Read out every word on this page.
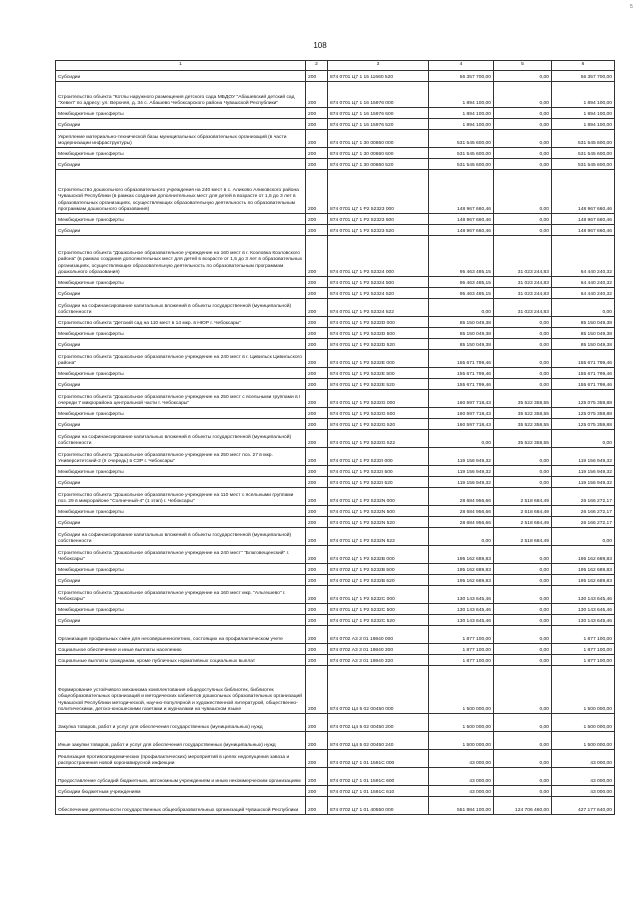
5
108
1	2	3	4	5	6
Субсидии	200	874 0701 Ц7 1 15 11660 520	56 357 700,00	0,00	56 357 700,00
Строительство объекта "Котлы наружного размещения детского сада МБДОУ "Абашевский детский сад "Хевел" по адресу: ул. Верхняя, д. 34 с. Абашево Чебоксарского района Чувашской Республики"	200	874 0701 Ц7 1 16 15976 000	1 894 100,00	0,00	1 894 100,00
Межбюджетные трансферты	200	874 0701 Ц7 1 16 15976 500	1 894 100,00	0,00	1 894 100,00
Субсидии	200	874 0701 Ц7 1 16 15976 520	1 894 100,00	0,00	1 894 100,00
Укрепление материально-технической базы муниципальных образовательных организаций (в части модернизации инфраструктуры)	200	874 0701 Ц7 1 30 00860 000	531 545 600,00	0,00	531 545 600,00
Межбюджетные трансферты	200	874 0701 Ц7 1 30 00860 500	531 545 600,00	0,00	531 545 600,00
Субсидии	200	874 0701 Ц7 1 30 00860 520	531 545 600,00	0,00	531 545 600,00
Строительство дошкольного образовательного учреждения на 240 мест в с. Аликово Аликовского района Чувашской Республики (в рамках создания дополнительных мест для детей в возрасте от 1,5 до 3 лет в образовательных организациях, осуществляющих образовательную деятельность по образовательным программам дошкольного образования)	200	874 0701 Ц7 1 P2 52323 000	148 967 660,46	0,00	148 967 660,46
Межбюджетные трансферты	200	874 0701 Ц7 1 P2 52323 500	148 967 660,46	0,00	148 967 660,46
Субсидии	200	874 0701 Ц7 1 P2 52323 520	148 967 660,46	0,00	148 967 660,46
Строительство объекта "Дошкольное образовательное учреждение на 160 мест в г. Козловка Козловского района" (в рамках создания дополнительных мест для детей в возрасте от 1,5 до 3 лет в образовательных организациях, осуществляющих образовательную деятельность по образовательным программам дошкольного образования)	200	874 0701 Ц7 1 P2 52324 000	95 463 485,15	31 023 244,83	64 440 240,32
Межбюджетные трансферты	200	874 0701 Ц7 1 P2 52324 500	95 463 485,15	31 023 244,83	64 440 240,32
Субсидии	200	874 0701 Ц7 1 P2 52324 520	95 463 485,15	31 023 244,83	64 440 240,32
Субсидии на софинансирование капитальных вложений в объекты государственной (муниципальной) собственности	200	874 0701 Ц7 1 P2 52324 522	0,00	31 023 244,83	0,00
Строительство объекта "Детский сад на 110 мест в 14 мкр. в НЮР г. Чебоксары"	200	874 0701 Ц7 1 P2 5232D 000	85 150 049,38	0,00	85 150 049,38
Межбюджетные трансферты	200	874 0701 Ц7 1 P2 5232D 500	85 150 049,38	0,00	85 150 049,38
Субсидии	200	874 0701 Ц7 1 P2 5232D 520	85 150 049,38	0,00	85 150 049,38
Строительство объекта "Дошкольное образовательное учреждение на 240 мест в г. Цивильск Цивильского района"	200	874 0701 Ц7 1 P2 5232E 000	155 671 799,46	0,00	155 671 799,46
Межбюджетные трансферты	200	874 0701 Ц7 1 P2 5232E 500	155 671 799,46	0,00	155 671 799,46
Субсидии	200	874 0701 Ц7 1 P2 5232E 520	155 671 799,46	0,00	155 671 799,46
Строительство объекта "Дошкольное образовательное учреждение на 250 мест с ясельными группами в I очереди 7 микрорайона центральной части г. Чебоксары"	200	874 0701 Ц7 1 P2 5232G 000	160 597 718,43	35 522 358,55	125 075 359,88
Межбюджетные трансферты	200	874 0701 Ц7 1 P2 5232G 500	160 597 718,43	35 522 358,55	125 075 359,88
Субсидии	200	874 0701 Ц7 1 P2 5232G 520	160 597 718,43	35 522 358,55	125 075 359,88
Субсидии на софинансирование капитальных вложений в объекты государственной (муниципальной) собственности	200	874 0701 Ц7 1 P2 5232G 522	0,00	35 522 358,55	0,00
Строительство объекта "Дошкольное образовательное учреждение на 250 мест поз. 27 в мкр. Университетский-2 (II очередь) в СЗР г. Чебоксары"	200	874 0701 Ц7 1 P2 5232I 000	119 156 949,32	0,00	119 156 949,32
Межбюджетные трансферты	200	874 0701 Ц7 1 P2 5232I 500	119 156 949,32	0,00	119 156 949,32
Субсидии	200	874 0701 Ц7 1 P2 5232I 520	119 156 949,32	0,00	119 156 949,32
Строительство объекта "Дошкольное образовательное учреждение на 110 мест с ясельными группами поз. 29 в микрорайоне "Солнечный-4" (1 этап) г. Чебоксары"	200	874 0701 Ц7 1 P2 5232N 000	28 684 956,66	2 518 684,49	26 166 272,17
Межбюджетные трансферты	200	874 0701 Ц7 1 P2 5232N 500	28 684 956,66	2 518 684,49	26 166 272,17
Субсидии	200	874 0701 Ц7 1 P2 5232N 520	28 684 956,66	2 518 684,49	26 166 272,17
Субсидии на софинансирование капитальных вложений в объекты государственной (муниципальной) собственности	200	874 0701 Ц7 1 P2 5232N 522	0,00	2 518 684,49	0,00
Строительство объекта "Дошкольное образовательное учреждение на 240 мест" "Благовещенский" г. Чебоксары"	200	874 0702 Ц7 1 P2 5232B 000	195 162 689,83	0,00	195 162 689,83
Межбюджетные трансферты	200	874 0702 Ц7 1 P2 5232B 500	195 162 689,83	0,00	195 162 689,83
Субсидии	200	874 0702 Ц7 1 P2 5232B 520	195 162 689,83	0,00	195 162 689,83
Строительство объекта "Дошкольное образовательное учреждение на 160 мест мкр. "Альгешево" г. Чебоксары"	200	874 0701 Ц7 1 P2 5232C 000	130 143 645,46	0,00	130 143 645,46
Межбюджетные трансферты	200	874 0701 Ц7 1 P2 5232C 500	130 143 645,46	0,00	130 143 645,46
Субсидии	200	874 0701 Ц7 1 P2 5232C 520	130 143 645,46	0,00	130 143 645,46
Организация профильных смен для несовершеннолетних, состоящих на профилактическом учете	200	874 0702 А3 3 01 19840 000	1 877 100,00	0,00	1 877 100,00
Социальное обеспечение и иные выплаты населению	200	874 0702 А3 3 01 19840 300	1 877 100,00	0,00	1 877 100,00
Социальные выплаты гражданам, кроме публичных нормативных социальных выплат	200	874 0702 А3 3 01 19840 320	1 877 100,00	0,00	1 877 100,00
Формирование устойчивого механизма комплектования общедоступных библиотек, библиотек общеобразовательных организаций и методических кабинетов дошкольных образовательных организаций Чувашской Республики методической, научно-популярной и художественной литературой, общественно-политическими, детско-юношескими газетами и журналами на чувашском языке	200	874 0702 Ц4 5 02 00450 000	1 500 000,00	0,00	1 500 000,00
Закупка товаров, работ и услуг для обеспечения государственных (муниципальных) нужд	200	874 0702 Ц4 5 02 00450 200	1 500 000,00	0,00	1 500 000,00
Иные закупки товаров, работ и услуг для обеспечения государственных (муниципальных) нужд	200	874 0702 Ц4 5 02 00450 240	1 500 000,00	0,00	1 500 000,00
Реализация противоэпидемических (профилактических) мероприятий в целях недопущения завоза и распространения новой коронавирусной инфекции	200	874 0702 Ц7 1 01 1591C 000	43 000,00	0,00	43 000,00
Предоставление субсидий бюджетным, автономным учреждениям и иным некоммерческим организациям	200	874 0702 Ц7 1 01 1591C 600	43 000,00	0,00	43 000,00
Субсидии бюджетным учреждениям	200	874 0702 Ц7 1 01 1591C 610	43 000,00	0,00	43 000,00
Обеспечение деятельности государственных общеобразовательных организаций Чувашской Республики	200	874 0702 Ц7 1 01 40550 000	551 884 100,00	124 706 460,00	427 177 640,00
